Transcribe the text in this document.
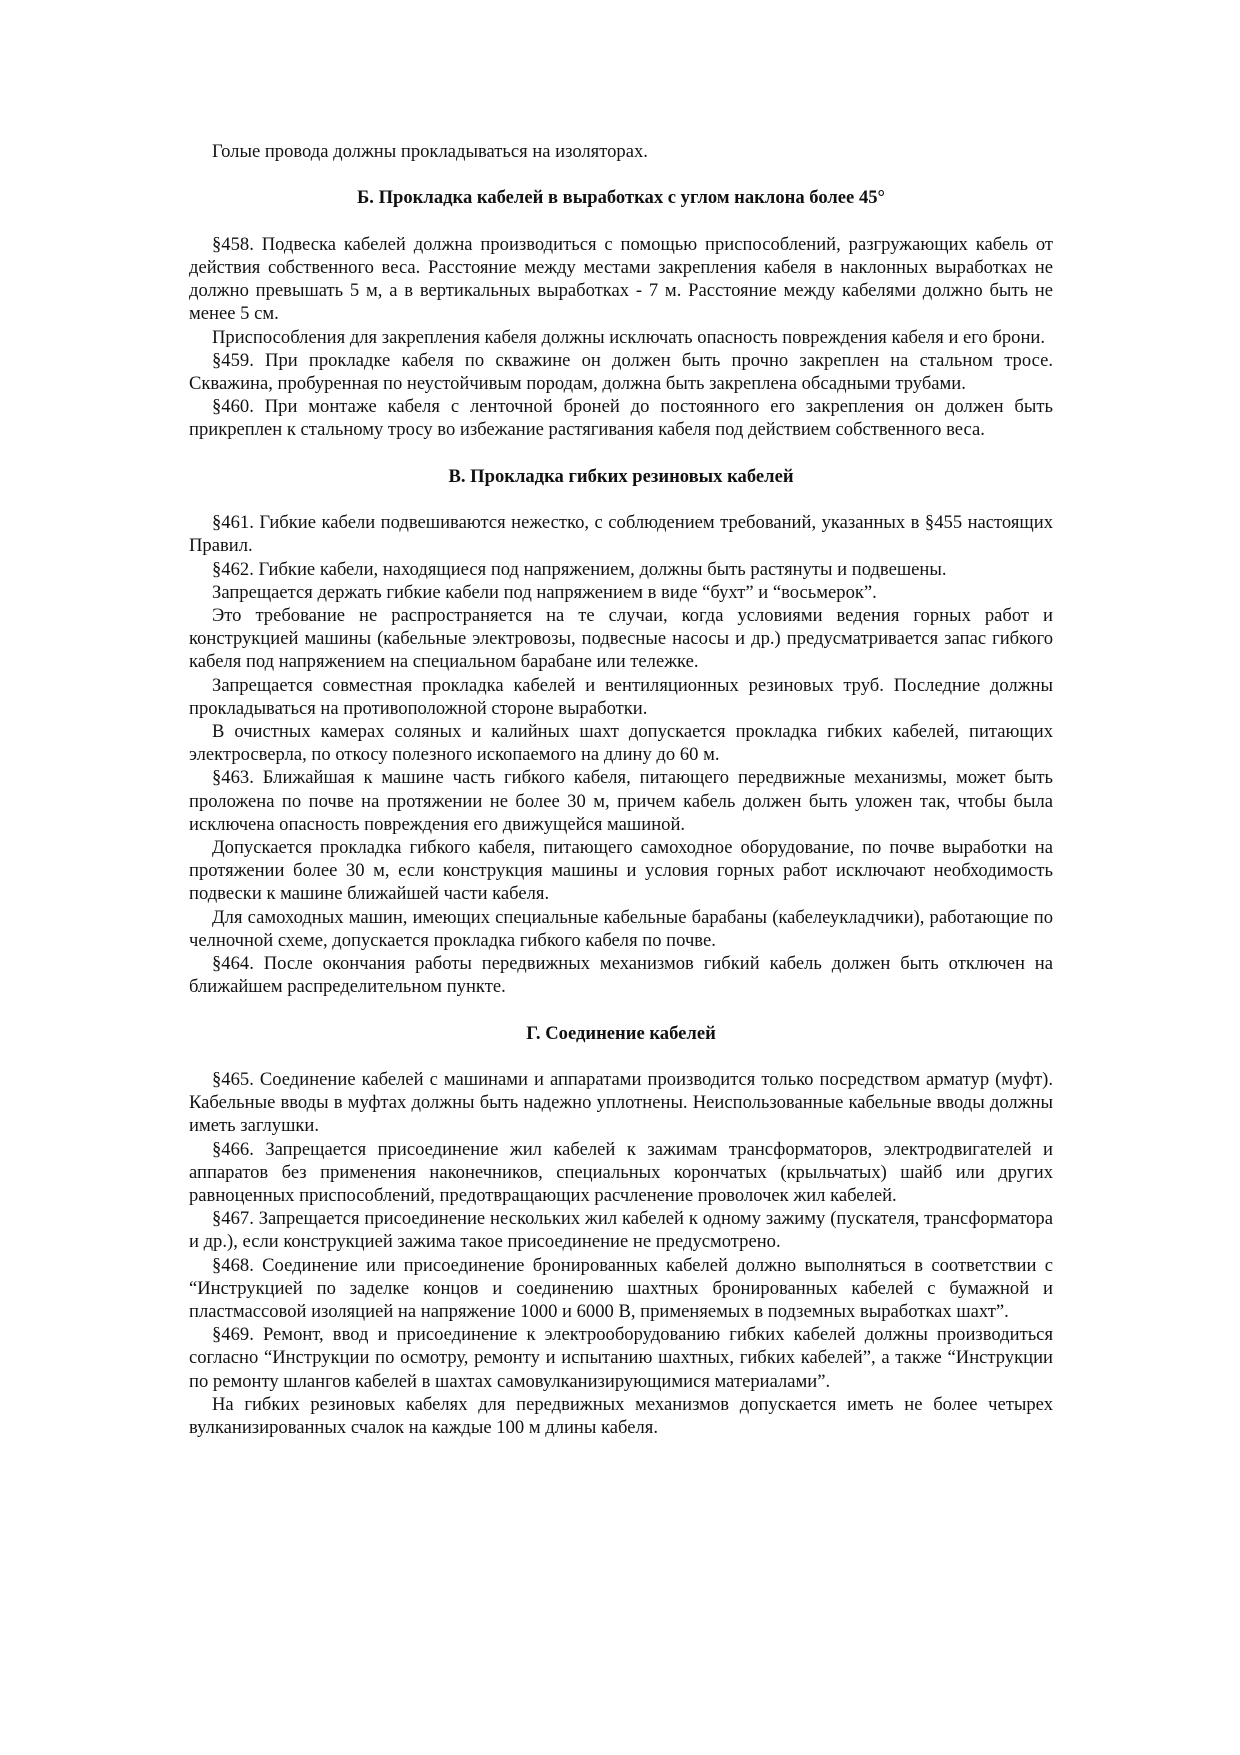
Голые провода должны прокладываться на изоляторах.

Б. Прокладка кабелей в выработках с углом наклона более 45°

§458. Подвеска кабелей должна производиться с помощью приспособлений, разгружающих кабель от действия собственного веса. Расстояние между местами закрепления кабеля в наклонных выработках не должно превышать 5 м, а в вертикальных выработках - 7 м. Расстояние между кабелями должно быть не менее 5 см.

Приспособления для закрепления кабеля должны исключать опасность повреждения кабеля и его брони.

§459. При прокладке кабеля по скважине он должен быть прочно закреплен на стальном тросе. Скважина, пробуренная по неустойчивым породам, должна быть закреплена обсадными трубами.

§460. При монтаже кабеля с ленточной броней до постоянного его закрепления он должен быть прикреплен к стальному тросу во избежание растягивания кабеля под действием собственного веса.

В. Прокладка гибких резиновых кабелей

§461. Гибкие кабели подвешиваются нежестко, с соблюдением требований, указанных в §455 настоящих Правил.

§462. Гибкие кабели, находящиеся под напряжением, должны быть растянуты и подвешены.

Запрещается держать гибкие кабели под напряжением в виде “бухт” и “восьмерок”.

Это требование не распространяется на те случаи, когда условиями ведения горных работ и конструкцией машины (кабельные электровозы, подвесные насосы и др.) предусматривается запас гибкого кабеля под напряжением на специальном барабане или тележке.

Запрещается совместная прокладка кабелей и вентиляционных резиновых труб. Последние должны прокладываться на противоположной стороне выработки.

В очистных камерах соляных и калийных шахт допускается прокладка гибких кабелей, питающих электросверла, по откосу полезного ископаемого на длину до 60 м.

§463. Ближайшая к машине часть гибкого кабеля, питающего передвижные механизмы, может быть проложена по почве на протяжении не более 30 м, причем кабель должен быть уложен так, чтобы была исключена опасность повреждения его движущейся машиной.

Допускается прокладка гибкого кабеля, питающего самоходное оборудование, по почве выработки на протяжении более 30 м, если конструкция машины и условия горных работ исключают необходимость подвески к машине ближайшей части кабеля.

Для самоходных машин, имеющих специальные кабельные барабаны (кабелеукладчики), работающие по челночной схеме, допускается прокладка гибкого кабеля по почве.

§464. После окончания работы передвижных механизмов гибкий кабель должен быть отключен на ближайшем распределительном пункте.

Г. Соединение кабелей

§465. Соединение кабелей с машинами и аппаратами производится только посредством арматур (муфт). Кабельные вводы в муфтах должны быть надежно уплотнены. Неиспользованные кабельные вводы должны иметь заглушки.

§466. Запрещается присоединение жил кабелей к зажимам трансформаторов, электродвигателей и аппаратов без применения наконечников, специальных корончатых (крыльчатых) шайб или других равноценных приспособлений, предотвращающих расчленение проволочек жил кабелей.

§467. Запрещается присоединение нескольких жил кабелей к одному зажиму (пускателя, трансформатора и др.), если конструкцией зажима такое присоединение не предусмотрено.

§468. Соединение или присоединение бронированных кабелей должно выполняться в соответствии с “Инструкцией по заделке концов и соединению шахтных бронированных кабелей с бумажной и пластмассовой изоляцией на напряжение 1000 и 6000 В, применяемых в подземных выработках шахт”.

§469. Ремонт, ввод и присоединение к электрооборудованию гибких кабелей должны производиться согласно “Инструкции по осмотру, ремонту и испытанию шахтных, гибких кабелей”, а также “Инструкции по ремонту шлангов кабелей в шахтах самовулканизирующимися материалами”.

На гибких резиновых кабелях для передвижных механизмов допускается иметь не более четырех вулканизированных счалок на каждые 100 м длины кабеля.
